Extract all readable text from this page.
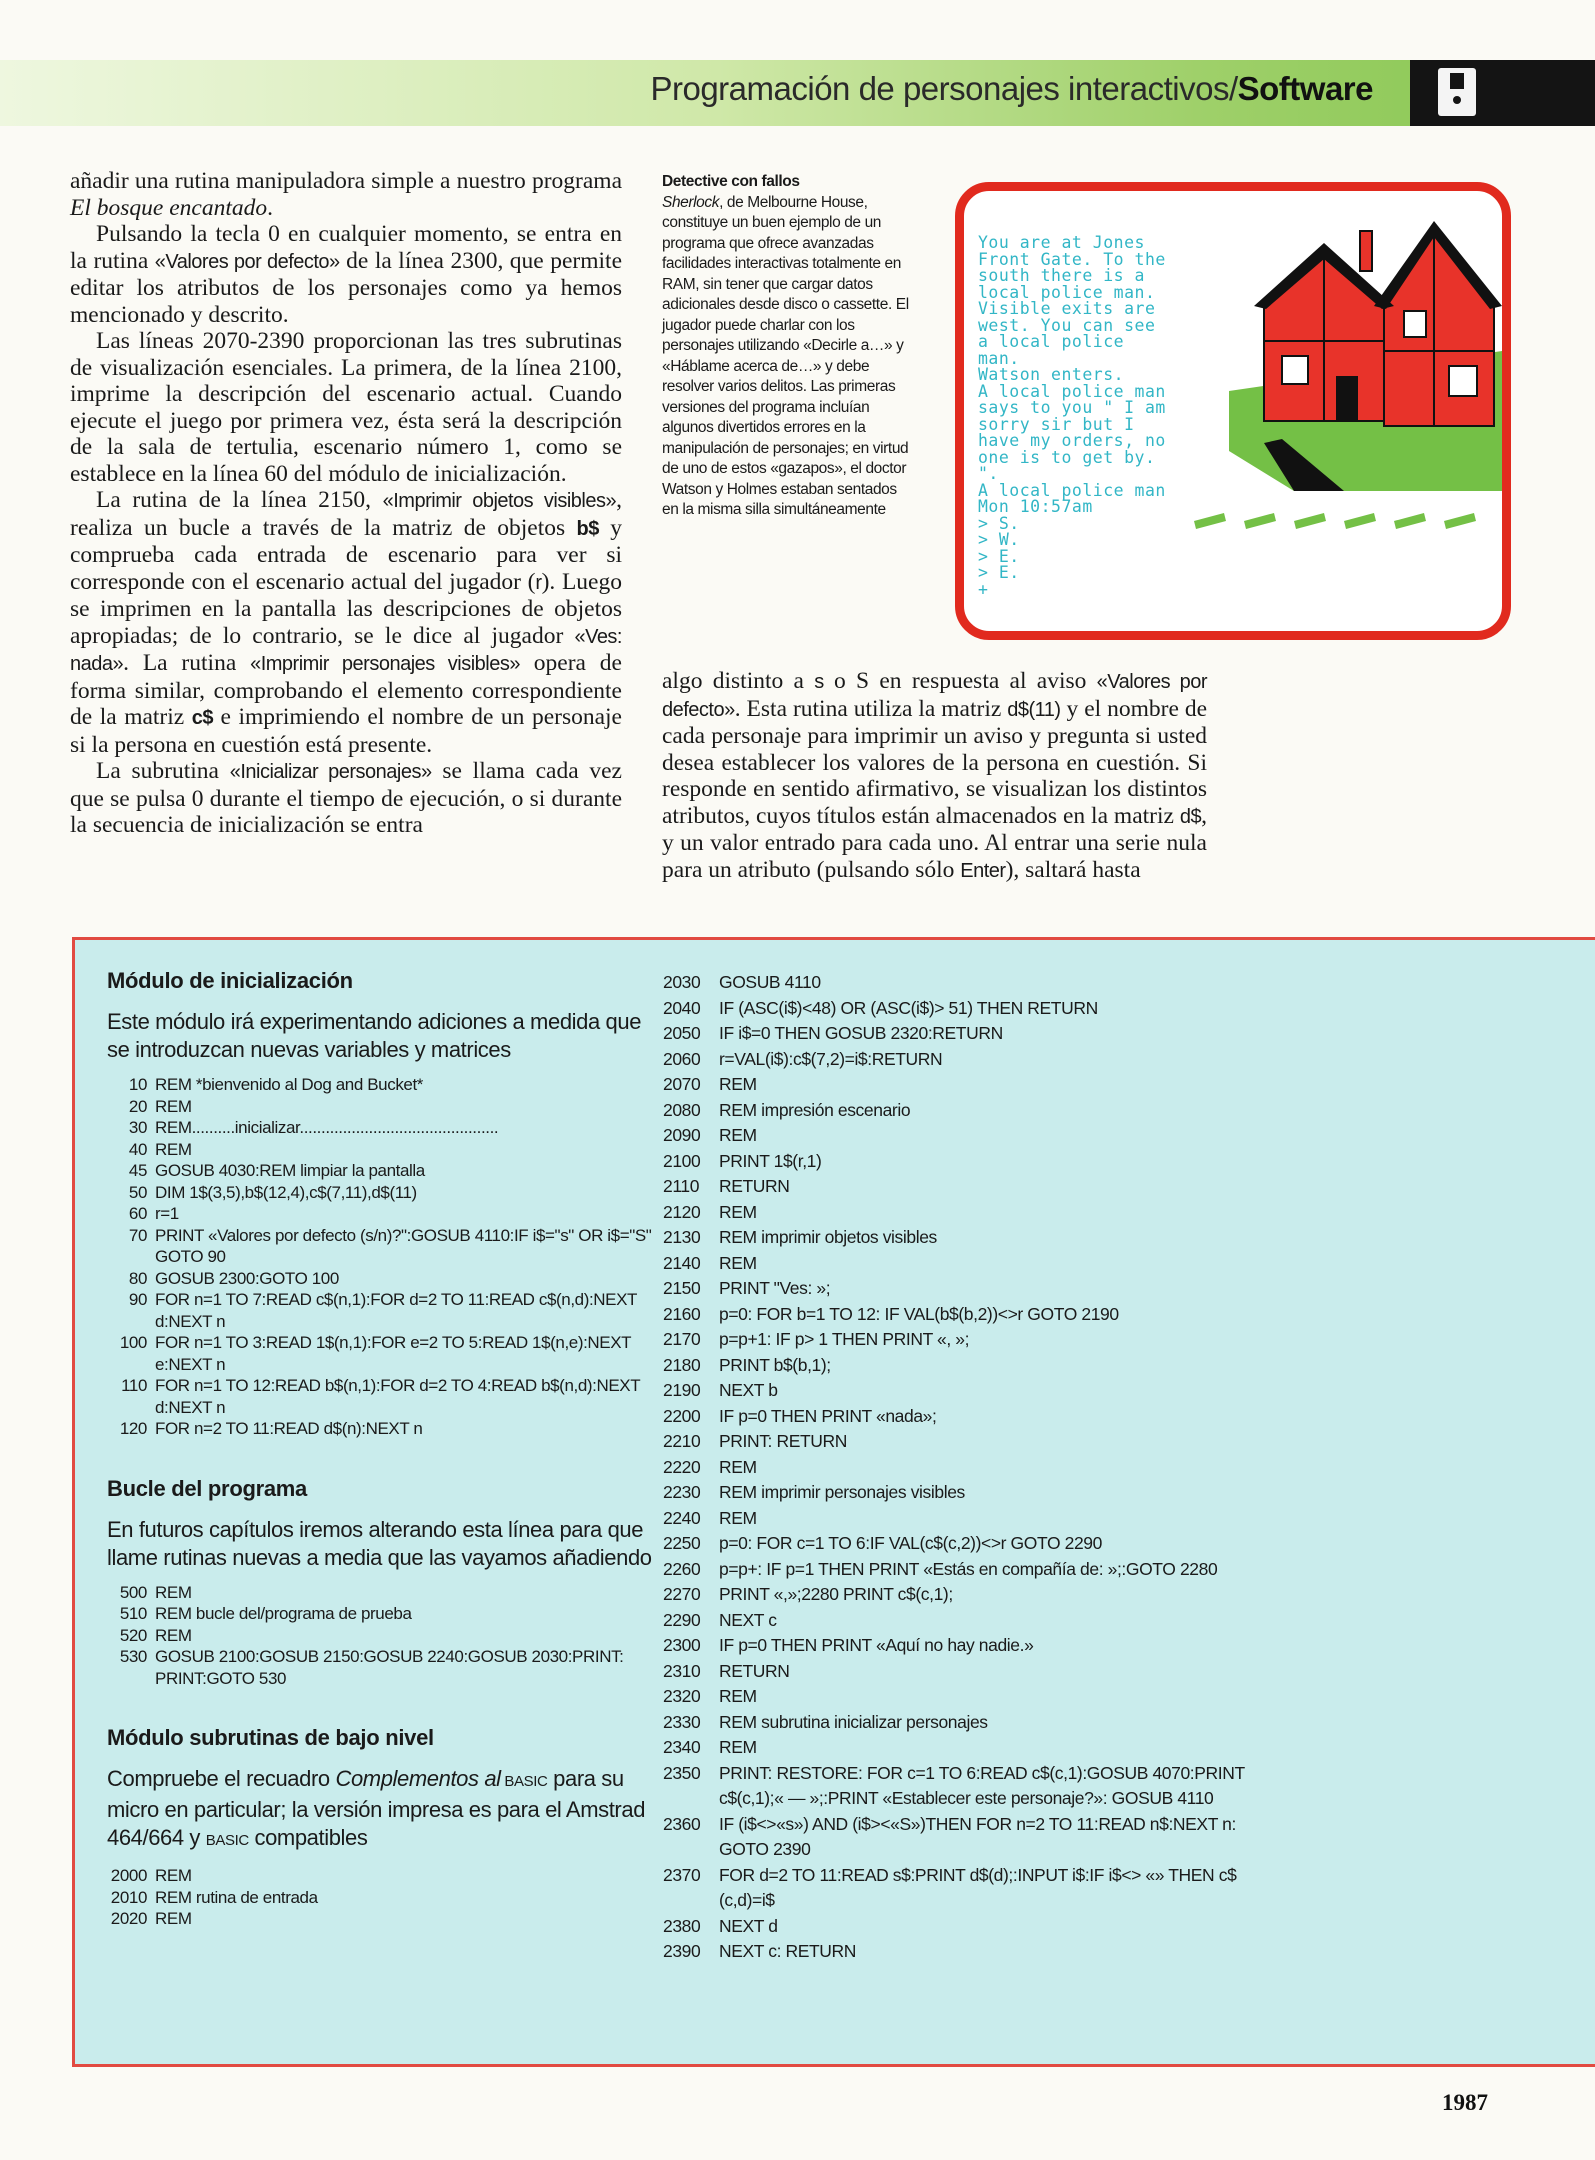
Programación de personajes interactivos/Software

añadir una rutina manipuladora simple a nuestro programa El bosque encantado.

Pulsando la tecla 0 en cualquier momento, se entra en la rutina «Valores por defecto» de la línea 2300, que permite editar los atributos de los personajes como ya hemos mencionado y descrito.

Las líneas 2070-2390 proporcionan las tres subrutinas de visualización esenciales. La primera, de la línea 2100, imprime la descripción del escenario actual. Cuando ejecute el juego por primera vez, ésta será la descripción de la sala de tertulia, escenario número 1, como se establece en la línea 60 del módulo de inicialización.

La rutina de la línea 2150, «Imprimir objetos visibles», realiza un bucle a través de la matriz de objetos b$ y comprueba cada entrada de escenario para ver si corresponde con el escenario actual del jugador (r). Luego se imprimen en la pantalla las descripciones de objetos apropiadas; de lo contrario, se le dice al jugador «Ves: nada». La rutina «Imprimir personajes visibles» opera de forma similar, comprobando el elemento correspondiente de la matriz c$ e imprimiendo el nombre de un personaje si la persona en cuestión está presente.

La subrutina «Inicializar personajes» se llama cada vez que se pulsa 0 durante el tiempo de ejecución, o si durante la secuencia de inicialización se entra

Detective con fallos
Sherlock, de Melbourne House, constituye un buen ejemplo de un programa que ofrece avanzadas facilidades interactivas totalmente en RAM, sin tener que cargar datos adicionales desde disco o cassette. El jugador puede charlar con los personajes utilizando «Decirle a…» y «Háblame acerca de…» y debe resolver varios delitos. Las primeras versiones del programa incluían algunos divertidos errores en la manipulación de personajes; en virtud de uno de estos «gazapos», el doctor Watson y Holmes estaban sentados en la misma silla simultáneamente
You are at Jones
Front Gate. To the
south there is a
local police man.
Visible exits are
west. You can see
a local police
man.
Watson enters.
A local police man
says to you " I am
sorry sir but I
have my orders, no
one is to get by.
".
A local police man
Mon 10:57am
> S.
> W.
> E.
> E.
+

algo distinto a s o S en respuesta al aviso «Valores por defecto». Esta rutina utiliza la matriz d$(11) y el nombre de cada personaje para imprimir un aviso y pregunta si usted desea establecer los valores de la persona en cuestión. Si responde en sentido afirmativo, se visualizan los distintos atributos, cuyos títulos están almacenados en la matriz d$, y un valor entrado para cada uno. Al entrar una serie nula para un atributo (pulsando sólo Enter), saltará hasta

Módulo de inicialización
Este módulo irá experimentando adiciones a medida que se introduzcan nuevas variables y matrices
10 REM *bienvenido al Dog and Bucket*
20 REM
30 REM..........inicializar..............................................
40 REM
45 GOSUB 4030:REM limpiar la pantalla
50 DIM 1$(3,5),b$(12,4),c$(7,11),d$(11)
60 r=1
70 PRINT «Valores por defecto (s/n)?":GOSUB 4110:IF i$="s" OR i$="S" GOTO 90
80 GOSUB 2300:GOTO 100
90 FOR n=1 TO 7:READ c$(n,1):FOR d=2 TO 11:READ c$(n,d):NEXT d:NEXT n
100 FOR n=1 TO 3:READ 1$(n,1):FOR e=2 TO 5:READ 1$(n,e):NEXT e:NEXT n
110 FOR n=1 TO 12:READ b$(n,1):FOR d=2 TO 4:READ b$(n,d):NEXT d:NEXT n
120 FOR n=2 TO 11:READ d$(n):NEXT n
Bucle del programa
En futuros capítulos iremos alterando esta línea para que llame rutinas nuevas a media que las vayamos añadiendo
500 REM
510 REM bucle del/programa de prueba
520 REM
530 GOSUB 2100:GOSUB 2150:GOSUB 2240:GOSUB 2030:PRINT: PRINT:GOTO 530
Módulo subrutinas de bajo nivel
Compruebe el recuadro Complementos al BASIC para su micro en particular; la versión impresa es para el Amstrad 464/664 y BASIC compatibles
2000 REM
2010 REM rutina de entrada
2020 REM
2030	GOSUB 4110
2040	IF (ASC(i$)<48) OR (ASC(i$)> 51) THEN RETURN
2050	IF i$=0 THEN GOSUB 2320:RETURN
2060	r=VAL(i$):c$(7,2)=i$:RETURN
2070	REM
2080	REM impresión escenario
2090	REM
2100	PRINT 1$(r,1)
2110	RETURN
2120	REM
2130	REM imprimir objetos visibles
2140	REM
2150	PRINT "Ves: »;
2160	p=0: FOR b=1 TO 12: IF VAL(b$(b,2))<>r GOTO 2190
2170	p=p+1: IF p> 1 THEN PRINT «, »;
2180	PRINT b$(b,1);
2190	NEXT b
2200	IF p=0 THEN PRINT «nada»;
2210	PRINT: RETURN
2220	REM
2230	REM imprimir personajes visibles
2240	REM
2250	p=0: FOR c=1 TO 6:IF VAL(c$(c,2))<>r GOTO 2290
2260	p=p+: IF p=1 THEN PRINT «Estás en compañía de: »;:GOTO 2280
2270	PRINT «,»;2280 PRINT c$(c,1);
2290	NEXT c
2300	IF p=0 THEN PRINT «Aquí no hay nadie.»
2310	RETURN
2320	REM
2330	REM subrutina inicializar personajes
2340	REM
2350	PRINT: RESTORE: FOR c=1 TO 6:READ c$(c,1):GOSUB 4070:PRINT c$(c,1);« — »;:PRINT «Establecer este personaje?»: GOSUB 4110
2360	IF (i$<>«s») AND (i$><«S»)THEN FOR n=2 TO 11:READ n$:NEXT n: GOTO 2390
2370	FOR d=2 TO 11:READ s$:PRINT d$(d);:INPUT i$:IF i$<> «» THEN c$ (c,d)=i$
2380	NEXT d
2390	NEXT c: RETURN
1987
